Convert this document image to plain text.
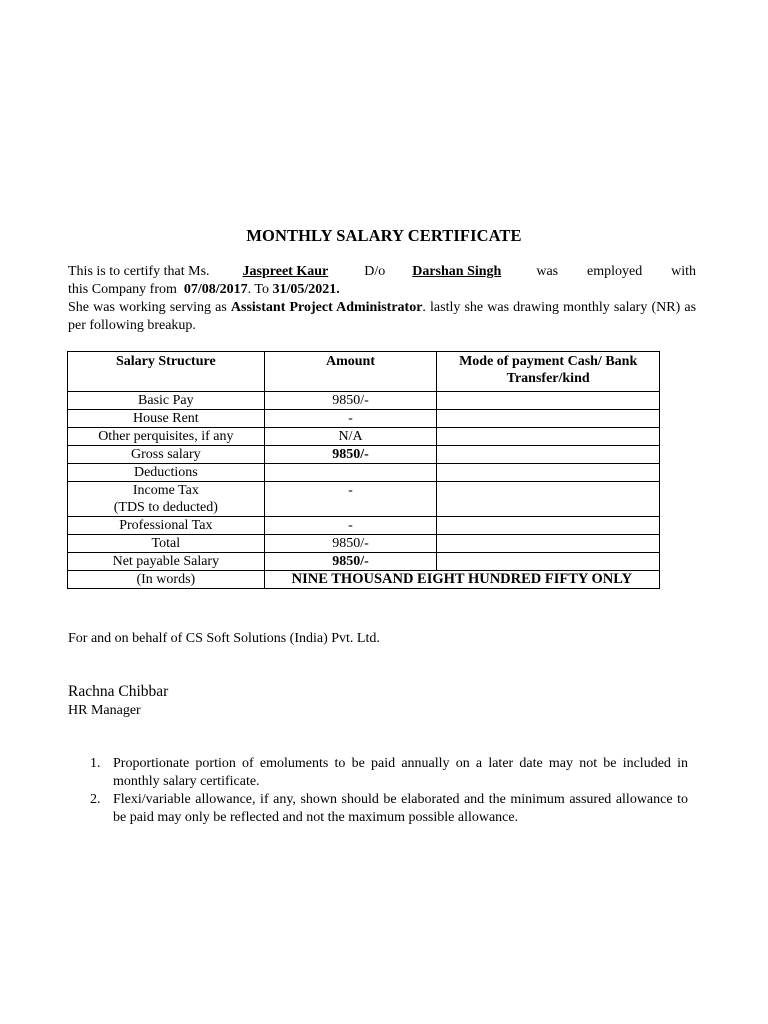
MONTHLY SALARY CERTIFICATE
This is to certify that Ms. Jaspreet Kaur	D/o Darshan Singh	was employed with
this Company from 07/08/2017. To 31/05/2021.
She was working serving as Assistant Project Administrator. lastly she was drawing monthly salary (NR) as per following breakup.
Salary Structure	Amount	Mode of payment Cash/ Bank Transfer/kind
Basic Pay	9850/-	
House Rent	-	
Other perquisites, if any	N/A	
Gross salary	9850/-	
Deductions		

Income Tax
(TDS to deducted)	-	
Professional Tax	-	
Total	9850/-	
Net payable Salary	9850/-	
(In words)	NINE THOUSAND EIGHT HUNDRED FIFTY ONLY	
For and on behalf of CS Soft Solutions (India) Pvt. Ltd.
Rachna Chibbar
HR Manager
1. Proportionate portion of emoluments to be paid annually on a later date may not be included in monthly salary certificate.
2. Flexi/variable allowance, if any, shown should be elaborated and the minimum assured allowance to be paid may only be reflected and not the maximum possible allowance.
